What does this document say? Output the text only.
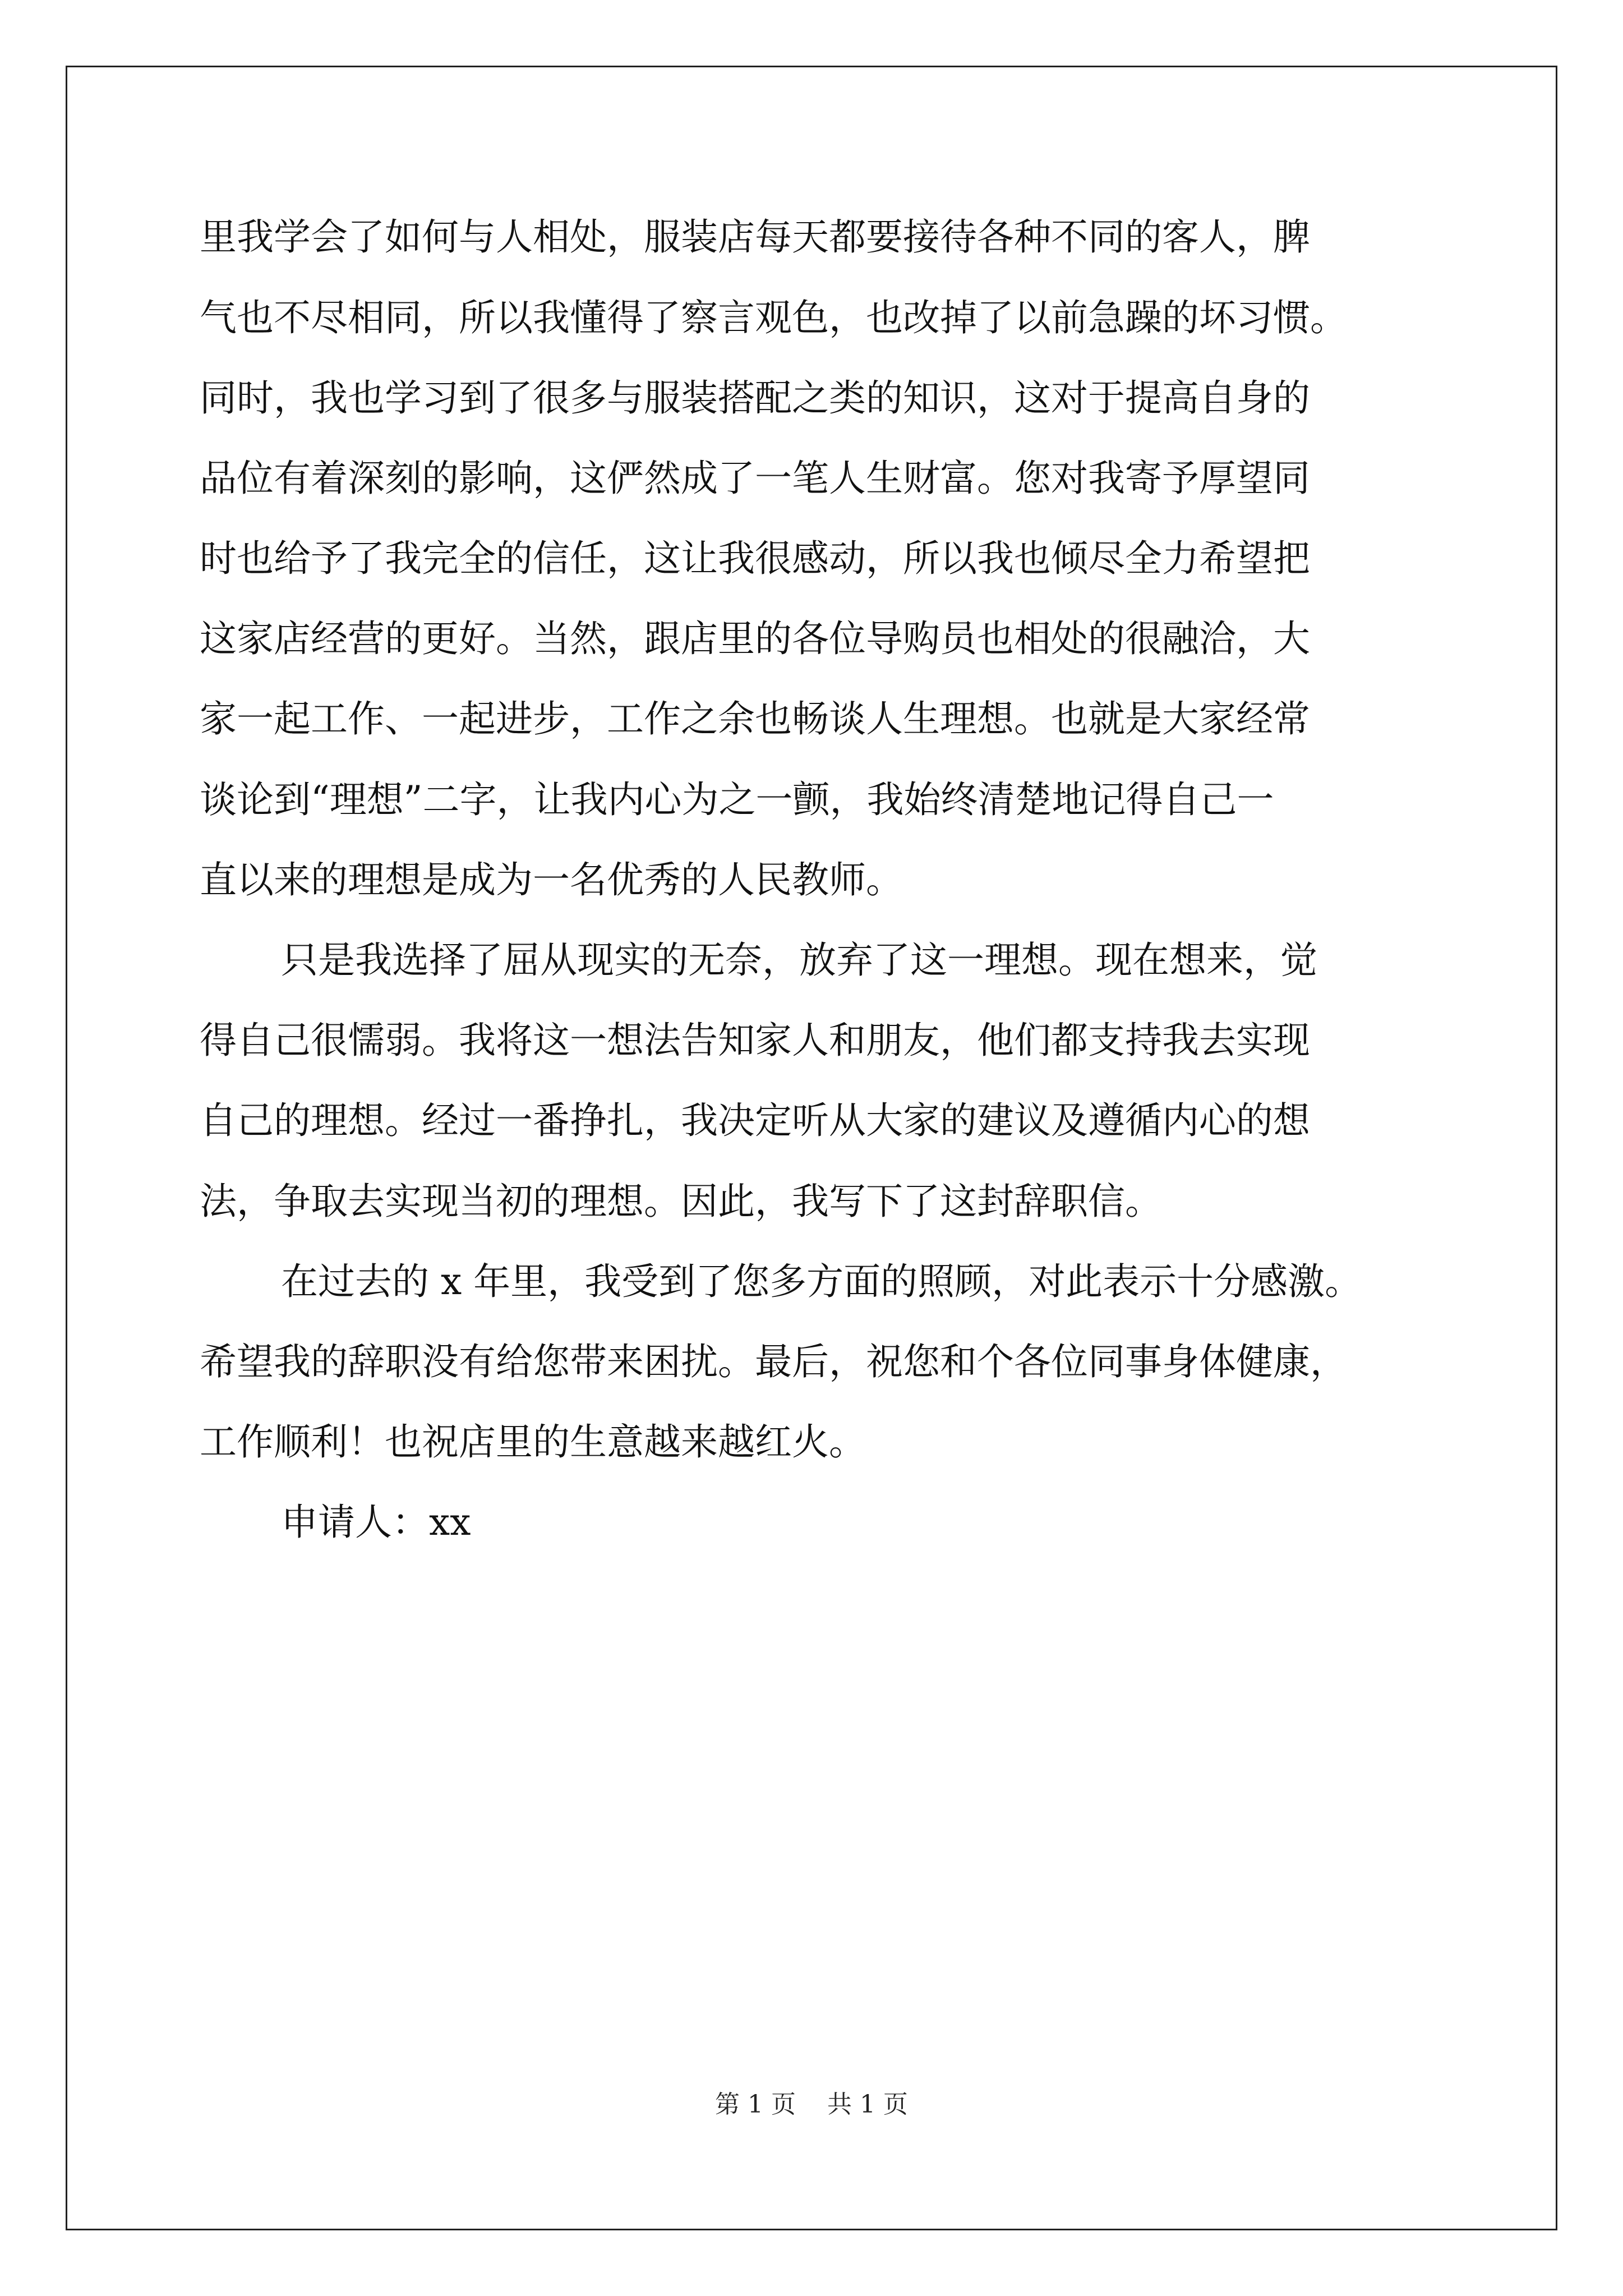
里我学会了如何与人相处，服装店每天都要接待各种不同的客人，脾
气也不尽相同，所以我懂得了察言观色，也改掉了以前急躁的坏习惯。
同时，我也学习到了很多与服装搭配之类的知识，这对于提高自身的
品位有着深刻的影响，这俨然成了一笔人生财富。您对我寄予厚望同
时也给予了我完全的信任，这让我很感动，所以我也倾尽全力希望把
这家店经营的更好。当然，跟店里的各位导购员也相处的很融洽，大
家一起工作、一起进步，工作之余也畅谈人生理想。也就是大家经常
谈论到“理想”二字，让我内心为之一颤，我始终清楚地记得自己一
直以来的理想是成为一名优秀的人民教师。
只是我选择了屈从现实的无奈，放弃了这一理想。现在想来，觉
得自己很懦弱。我将这一想法告知家人和朋友，他们都支持我去实现
自己的理想。经过一番挣扎，我决定听从大家的建议及遵循内心的想
法，争取去实现当初的理想。因此，我写下了这封辞职信。
在过去的 x 年里，我受到了您多方面的照顾，对此表示十分感激。
希望我的辞职没有给您带来困扰。最后，祝您和个各位同事身体健康，
工作顺利！也祝店里的生意越来越红火。
申请人：xx
第 1 页    共 1 页
